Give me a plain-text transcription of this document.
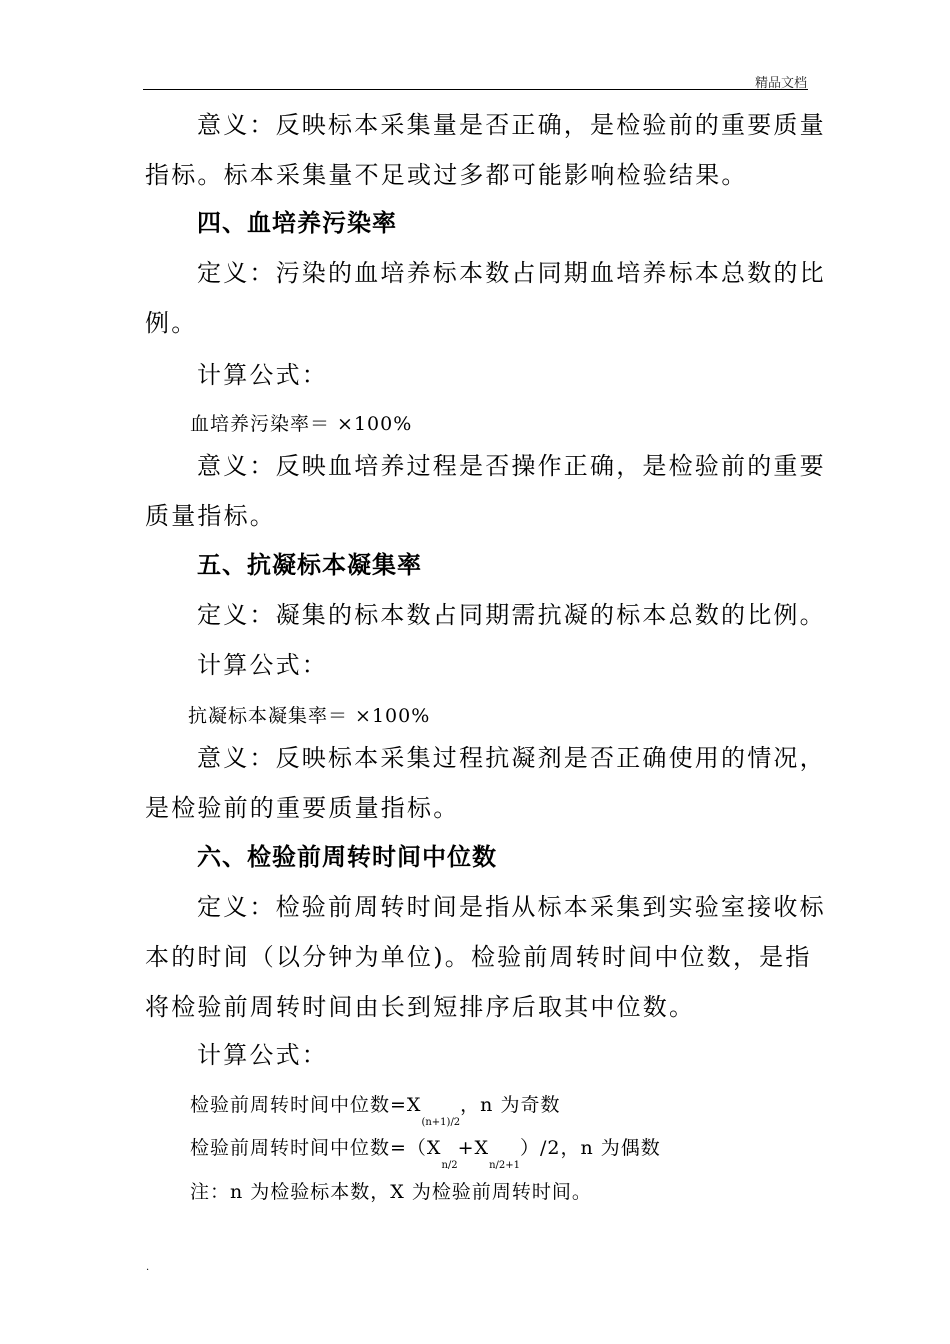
精品文档

意义：反映标本采集量是否正确，是检验前的重要质量

指标。标本采集量不足或过多都可能影响检验结果。

四、血培养污染率

定义：污染的血培养标本数占同期血培养标本总数的比

例。

计算公式：

血培养污染率＝ ×100%

意义：反映血培养过程是否操作正确，是检验前的重要

质量指标。

五、抗凝标本凝集率

定义：凝集的标本数占同期需抗凝的标本总数的比例。

计算公式：

抗凝标本凝集率＝ ×100%

意义：反映标本采集过程抗凝剂是否正确使用的情况，

是检验前的重要质量指标。

六、检验前周转时间中位数

定义：检验前周转时间是指从标本采集到实验室接收标

本的时间（以分钟为单位)。检验前周转时间中位数，是指

将检验前周转时间由长到短排序后取其中位数。

计算公式：

检验前周转时间中位数$=X_{(n+1)/2}$，n 为奇数
检验前周转时间中位数$=(X_{n/2}+X_{n/2+1})/2$，n 为偶数
注：n 为检验标本数，X 为检验前周转时间。
.
